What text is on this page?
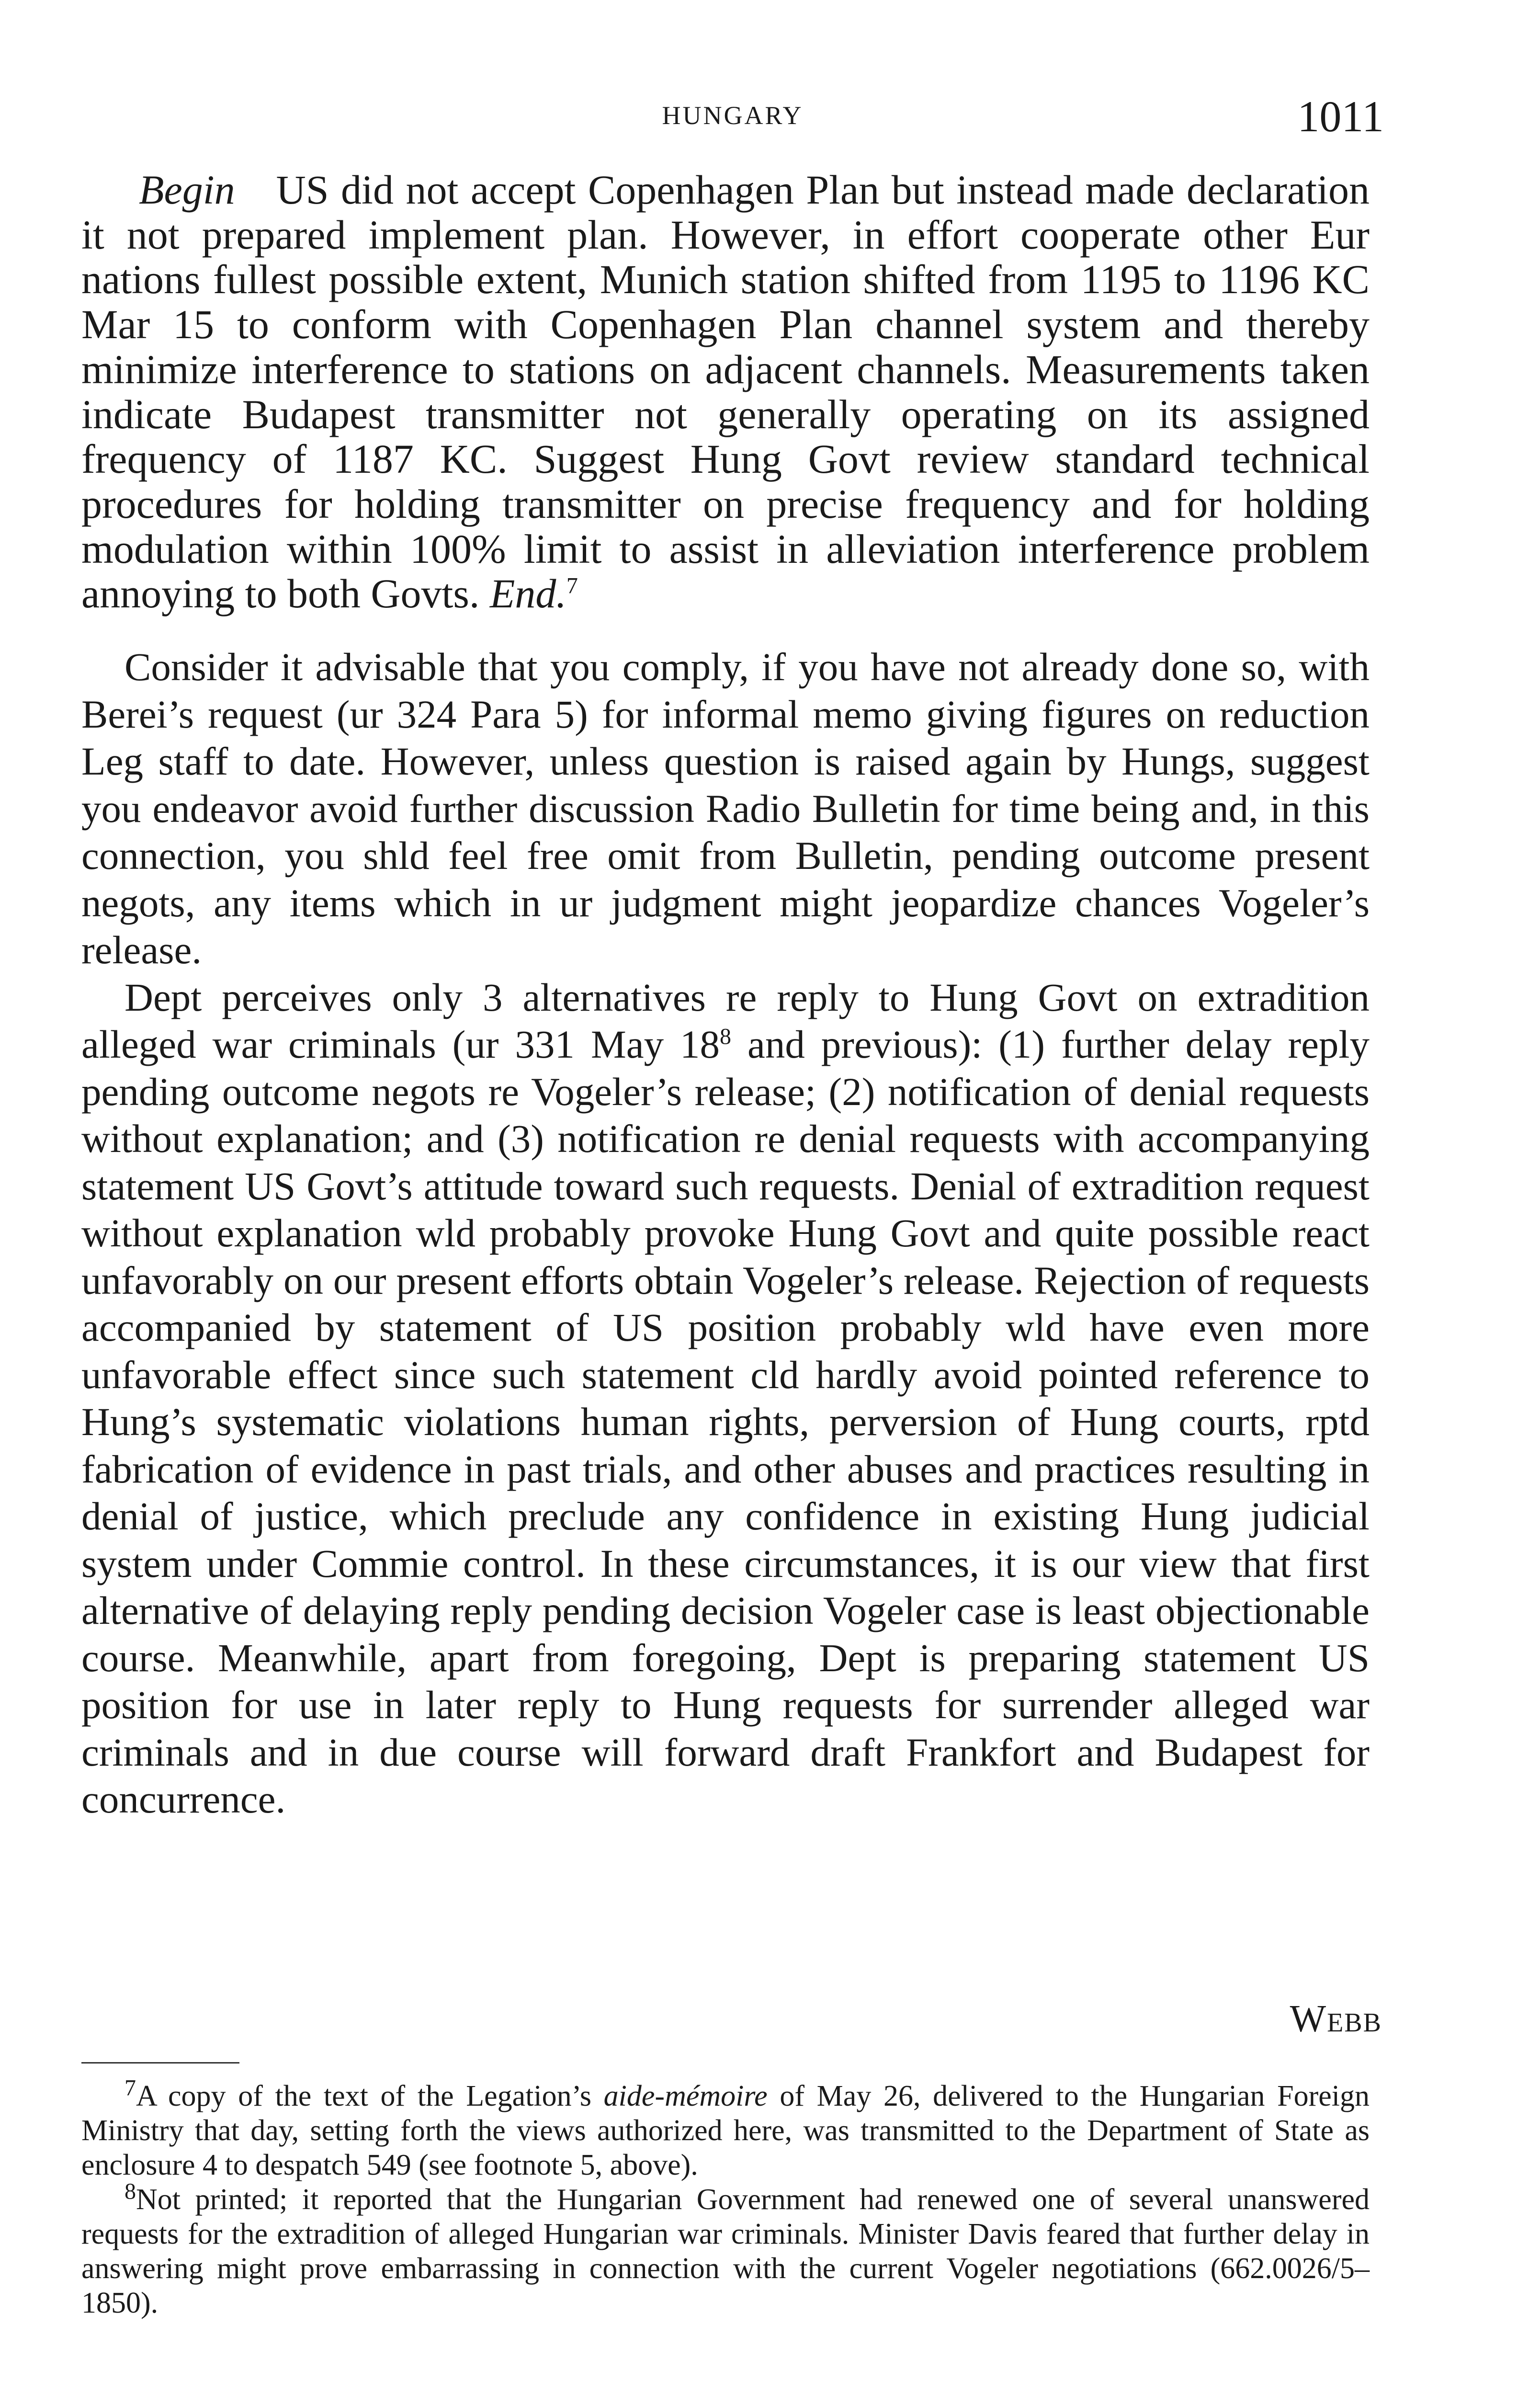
HUNGARY	1011

Begin  US did not accept Copenhagen Plan but instead made declaration it not prepared implement plan. However, in effort cooperate other Eur nations fullest possible extent, Munich station shifted from 1195 to 1196 KC Mar 15 to conform with Copenhagen Plan channel system and thereby minimize interference to stations on adjacent channels. Measurements taken indicate Budapest transmitter not generally operating on its assigned frequency of 1187 KC. Suggest Hung Govt review standard technical procedures for holding transmitter on precise frequency and for holding modulation within 100% limit to assist in alleviation interference problem annoying to both Govts. End.$^7$

Consider it advisable that you comply, if you have not already done so, with Berei’s request (ur 324 Para 5) for informal memo giving figures on reduction Leg staff to date. However, unless question is raised again by Hungs, suggest you endeavor avoid further discussion Radio Bulletin for time being and, in this connection, you shld feel free omit from Bulletin, pending outcome present negots, any items which in ur judgment might jeopardize chances Vogeler’s release.

Dept perceives only 3 alternatives re reply to Hung Govt on extradition alleged war criminals (ur 331 May $18^8$ and previous): (1) further delay reply pending outcome negots re Vogeler’s release; (2) notification of denial requests without explanation; and (3) notification re denial requests with accompanying statement US Govt’s attitude toward such requests. Denial of extradition request without explanation wld probably provoke Hung Govt and quite possible react unfavorably on our present efforts obtain Vogeler’s release. Rejection of requests accompanied by statement of US position probably wld have even more unfavorable effect since such statement cld hardly avoid pointed reference to Hung’s systematic violations human rights, perversion of Hung courts, rptd fabrication of evidence in past trials, and other abuses and practices resulting in denial of justice, which preclude any confidence in existing Hung judicial system under Commie control. In these circumstances, it is our view that first alternative of delaying reply pending decision Vogeler case is least objectionable course. Meanwhile, apart from foregoing, Dept is preparing statement US position for use in later reply to Hung requests for surrender alleged war criminals and in due course will forward draft Frankfort and Budapest for concurrence.

Webb

$^7$A copy of the text of the Legation’s aide-mémoire of May 26, delivered to the Hungarian Foreign Ministry that day, setting forth the views authorized here, was transmitted to the Department of State as enclosure 4 to despatch 549 (see footnote 5, above).

$^8$Not printed; it reported that the Hungarian Government had renewed one of several unanswered requests for the extradition of alleged Hungarian war criminals. Minister Davis feared that further delay in answering might prove embarrassing in connection with the current Vogeler negotiations (662.0026/5–1850).
